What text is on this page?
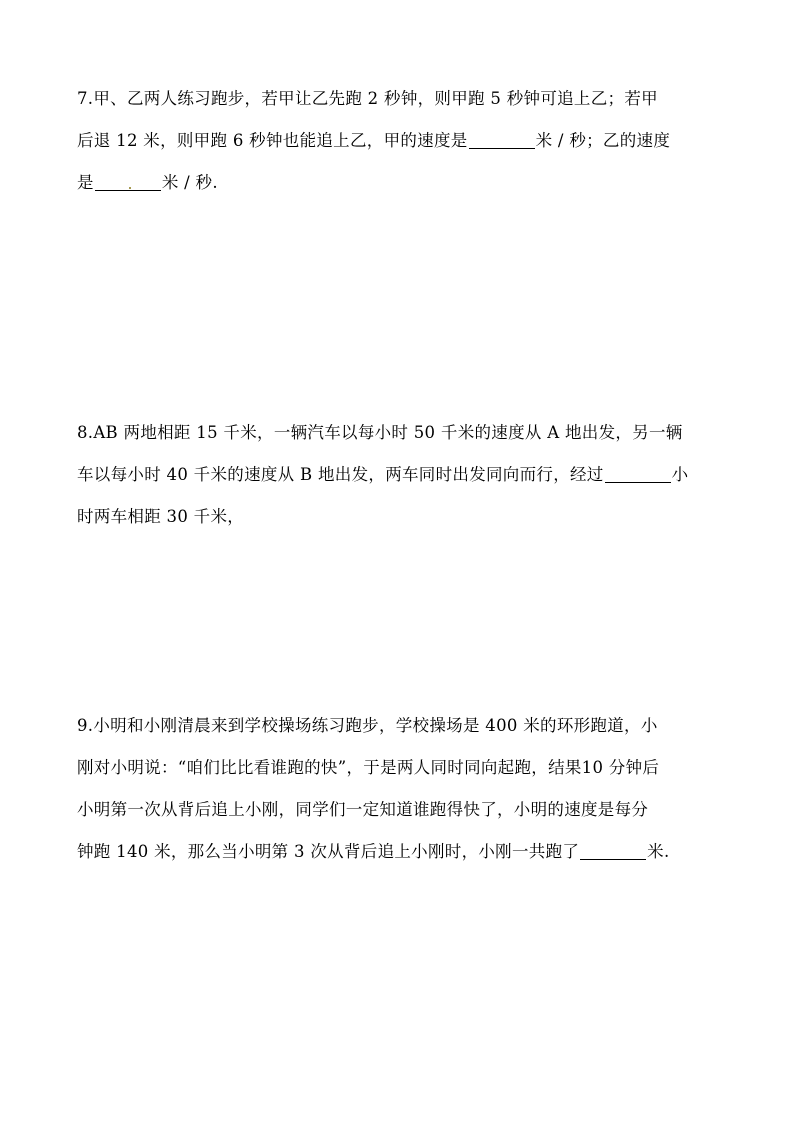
7.甲、乙两人练习跑步，若甲让乙先跑 2 秒钟，则甲跑 5 秒钟可追上乙；若甲
后退 12 米，则甲跑 6 秒钟也能追上乙，甲的速度是	米 / 秒；乙的速度
是	米 / 秒.
8.AB 两地相距 15 千米，一辆汽车以每小时 50 千米的速度从 A 地出发，另一辆
车以每小时 40 千米的速度从 B 地出发，两车同时出发同向而行，经过	小
时两车相距 30 千米，
9.小明和小刚清晨来到学校操场练习跑步，学校操场是 400 米的环形跑道，小
刚对小明说：“咱们比比看谁跑的快”，于是两人同时同向起跑，结果10 分钟后
小明第一次从背后追上小刚，同学们一定知道谁跑得快了，小明的速度是每分
钟跑 140 米，那么当小明第 3 次从背后追上小刚时，小刚一共跑了	米.
